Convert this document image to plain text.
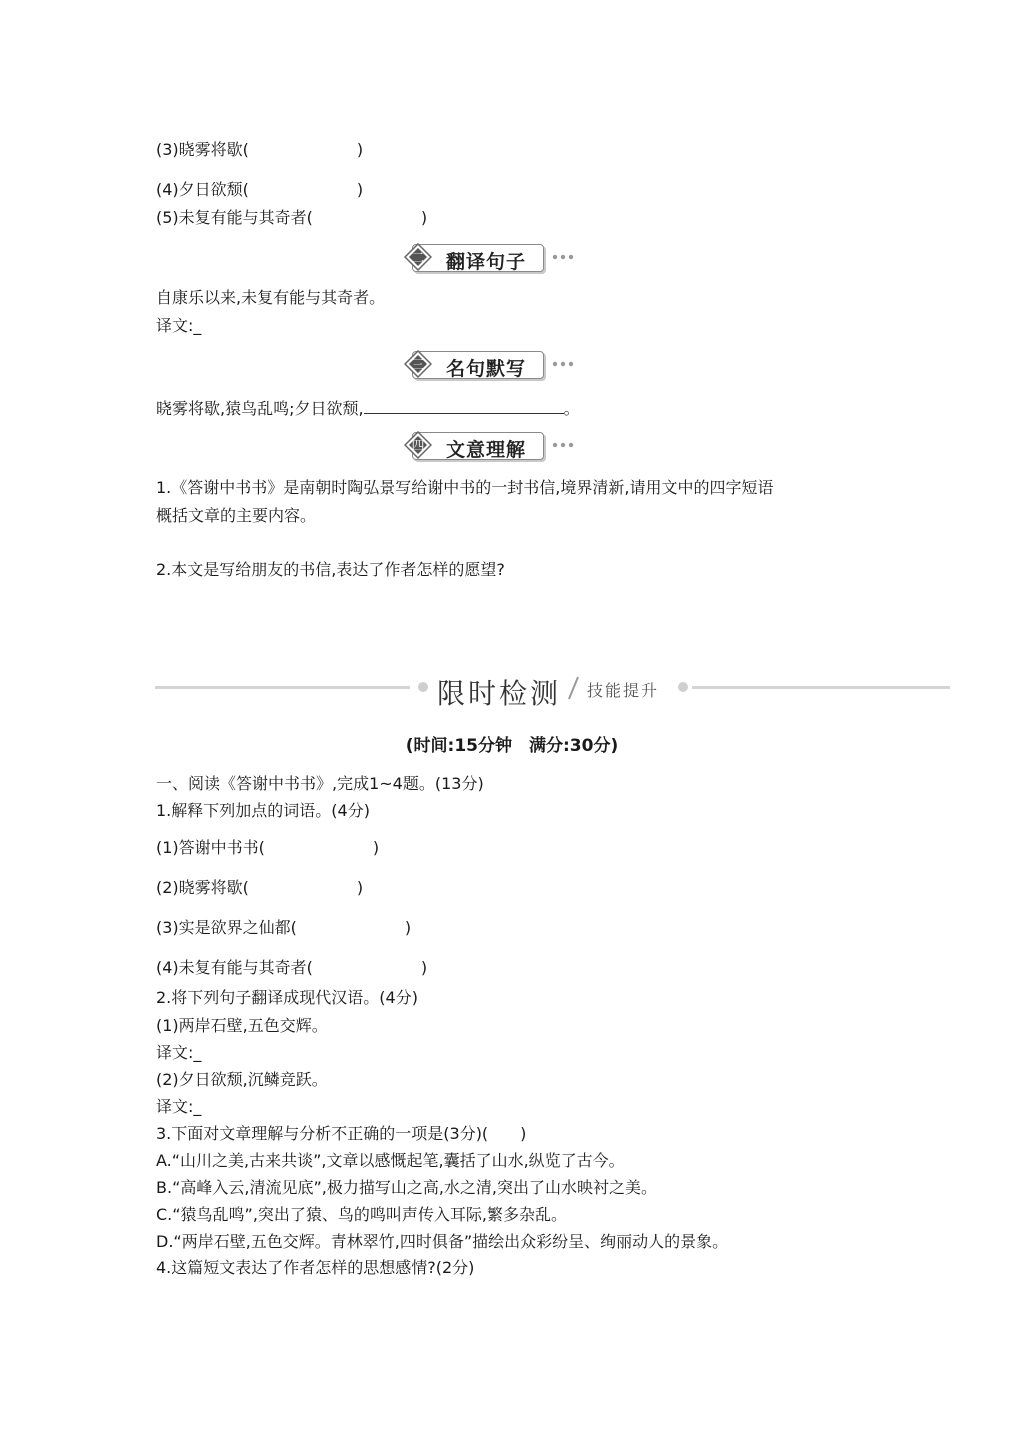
(3)晓雾将歇(	)
(4)夕日欲颓(	)
(5)未复有能与其奇者(	)
二 翻译句子
自康乐以来,未复有能与其奇者。
译文:_
三 名句默写
晓雾将歇,猿鸟乱鸣;夕日欲颓,	。
四 文意理解
1.《答谢中书书》是南朝时陶弘景写给谢中书的一封书信,境界清新,请用文中的四字短语
概括文章的主要内容。
2.本文是写给朋友的书信,表达了作者怎样的愿望?
限时检测 技能提升
(时间:15分钟　满分:30分)
一、阅读《答谢中书书》,完成1~4题。(13分)
1.解释下列加点的词语。(4分)
(1)答谢中书书(	)
(2)晓雾将歇(	)
(3)实是欲界之仙都(	)
(4)未复有能与其奇者(	)
2.将下列句子翻译成现代汉语。(4分)
(1)两岸石壁,五色交辉。
译文:_
(2)夕日欲颓,沉鳞竞跃。
译文:_
3.下面对文章理解与分析不正确的一项是(3分)(　　)
A.“山川之美,古来共谈”,文章以感慨起笔,囊括了山水,纵览了古今。
B.“高峰入云,清流见底”,极力描写山之高,水之清,突出了山水映衬之美。
C.“猿鸟乱鸣”,突出了猿、鸟的鸣叫声传入耳际,繁多杂乱。
D.“两岸石壁,五色交辉。青林翠竹,四时俱备”描绘出众彩纷呈、绚丽动人的景象。
4.这篇短文表达了作者怎样的思想感情?(2分)
